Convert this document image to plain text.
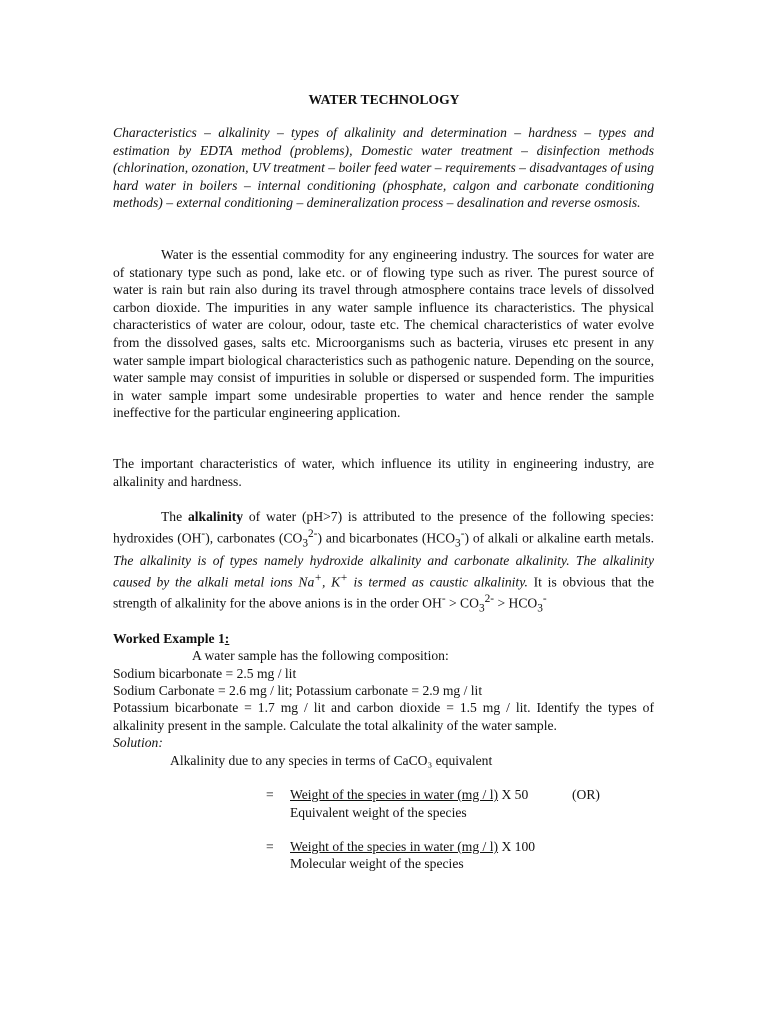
WATER TECHNOLOGY
Characteristics – alkalinity – types of alkalinity and determination – hardness – types and estimation by EDTA method (problems), Domestic water treatment – disinfection methods (chlorination, ozonation, UV treatment – boiler feed water – requirements – disadvantages of using hard water in boilers – internal conditioning (phosphate, calgon and carbonate conditioning methods) – external conditioning – demineralization process – desalination and reverse osmosis.
Water is the essential commodity for any engineering industry. The sources for water are of stationary type such as pond, lake etc. or of flowing type such as river. The purest source of water is rain but rain also during its travel through atmosphere contains trace levels of dissolved carbon dioxide. The impurities in any water sample influence its characteristics. The physical characteristics of water are colour, odour, taste etc. The chemical characteristics of water evolve from the dissolved gases, salts etc. Microorganisms such as bacteria, viruses etc present in any water sample impart biological characteristics such as pathogenic nature. Depending on the source, water sample may consist of impurities in soluble or dispersed or suspended form. The impurities in water sample impart some undesirable properties to water and hence render the sample ineffective for the particular engineering application.
The important characteristics of water, which influence its utility in engineering industry, are alkalinity and hardness.
The alkalinity of water (pH>7) is attributed to the presence of the following species: hydroxides (OH-), carbonates $(CO_3^{2-})$ and bicarbonates $(HCO_3^-)$ of alkali or alkaline earth metals. The alkalinity is of types namely hydroxide alkalinity and carbonate alkalinity. The alkalinity caused by the alkali metal ions Na+, K+ is termed as caustic alkalinity. It is obvious that the strength of alkalinity for the above anions is in the order $OH^- > CO_3^{2-} > HCO_3^-$
Worked Example 1:
A water sample has the following composition:
Sodium bicarbonate = 2.5 mg / lit
Sodium Carbonate = 2.6 mg / lit; Potassium carbonate = 2.9 mg / lit
Potassium bicarbonate = 1.7 mg / lit and carbon dioxide = 1.5 mg / lit. Identify the types of alkalinity present in the sample. Calculate the total alkalinity of the water sample.
Solution:
Alkalinity due to any species in terms of CaCO₃ equivalent
= Weight of the species in water (mg / l) X 50	(OR)
Equivalent weight of the species
= Weight of the species in water (mg / l) X 100
Molecular weight of the species
